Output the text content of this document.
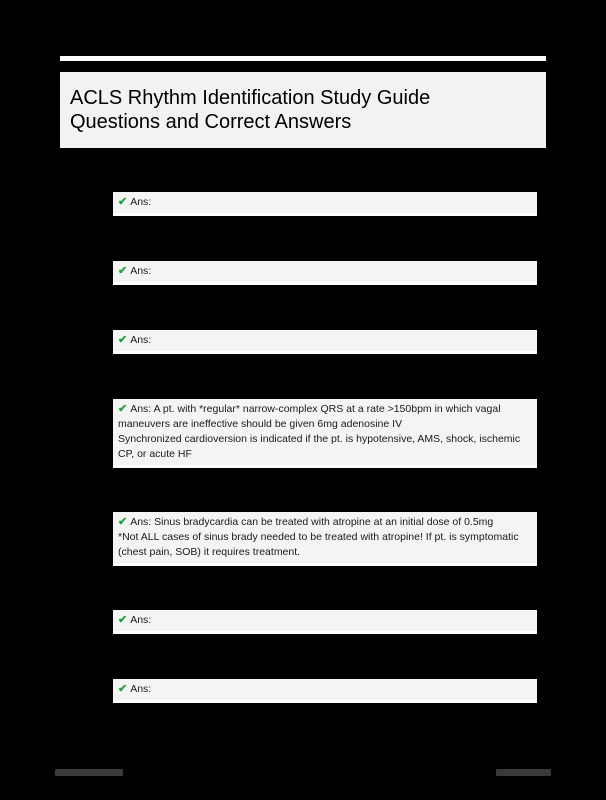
ACLS Rhythm Identification Study Guide
Questions and Correct Answers
✔ Ans:
✔ Ans:
✔ Ans:
✔ Ans: A pt. with *regular* narrow-complex QRS at a rate >150bpm in which vagal
maneuvers are ineffective should be given 6mg adenosine IV
Synchronized cardioversion is indicated if the pt. is hypotensive, AMS, shock, ischemic
CP, or acute HF
✔ Ans: Sinus bradycardia can be treated with atropine at an initial dose of 0.5mg
*Not ALL cases of sinus brady needed to be treated with atropine! If pt. is symptomatic
(chest pain, SOB) it requires treatment.
✔ Ans:
✔ Ans:
